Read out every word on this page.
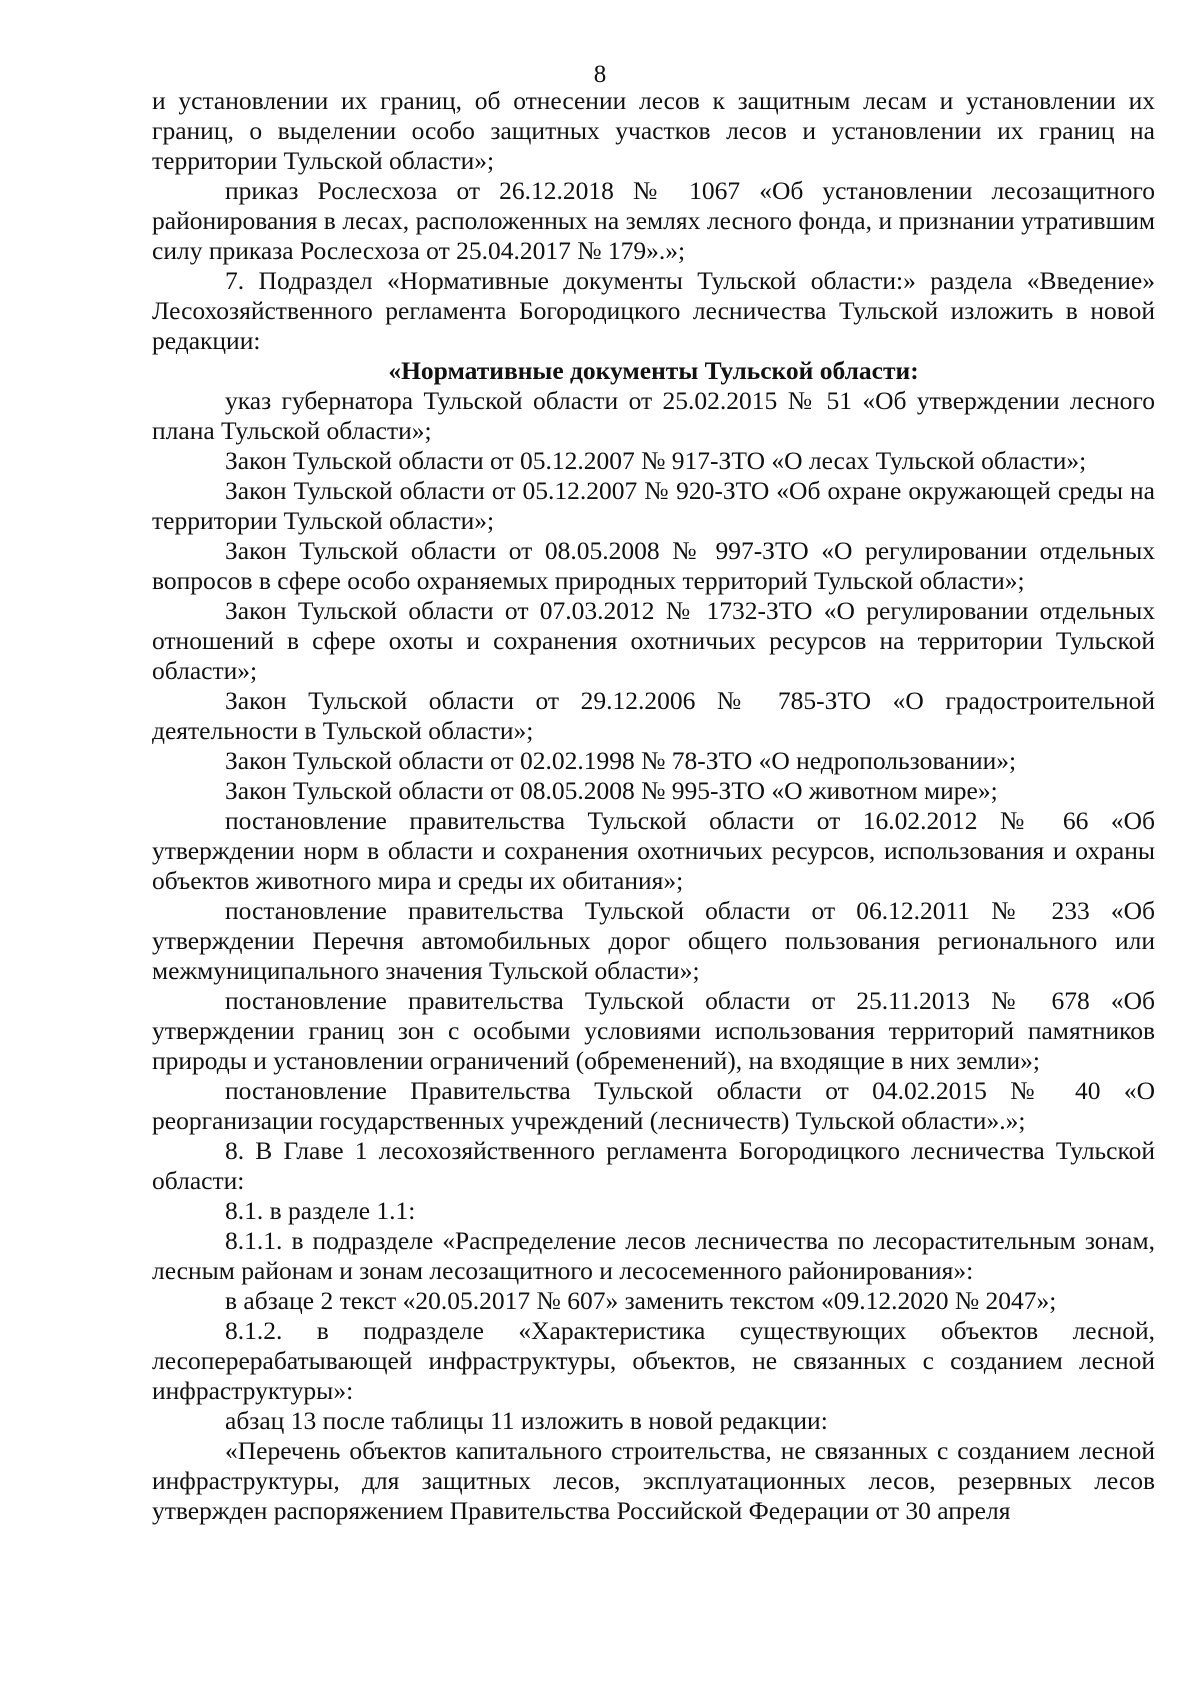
8

и установлении их границ, об отнесении лесов к защитным лесам и установлении их границ, о выделении особо защитных участков лесов и установлении их границ на территории Тульской области»;

приказ Рослесхоза от 26.12.2018 № 1067 «Об установлении лесозащитного районирования в лесах, расположенных на землях лесного фонда, и признании утратившим силу приказа Рослесхоза от 25.04.2017 № 179».»;

7. Подраздел «Нормативные документы Тульской области:» раздела «Введение» Лесохозяйственного регламента Богородицкого лесничества Тульской изложить в новой редакции:

«Нормативные документы Тульской области:

указ губернатора Тульской области от 25.02.2015 № 51 «Об утверждении лесного плана Тульской области»;

Закон Тульской области от 05.12.2007 № 917-ЗТО «О лесах Тульской области»;

Закон Тульской области от 05.12.2007 № 920-ЗТО «Об охране окружающей среды на территории Тульской области»;

Закон Тульской области от 08.05.2008 № 997-ЗТО «О регулировании отдельных вопросов в сфере особо охраняемых природных территорий Тульской области»;

Закон Тульской области от 07.03.2012 № 1732-ЗТО «О регулировании отдельных отношений в сфере охоты и сохранения охотничьих ресурсов на территории Тульской области»;

Закон Тульской области от 29.12.2006 № 785-ЗТО «О градостроительной деятельности в Тульской области»;

Закон Тульской области от 02.02.1998 № 78-ЗТО «О недропользовании»;

Закон Тульской области от 08.05.2008 № 995-ЗТО «О животном мире»;

постановление правительства Тульской области от 16.02.2012 № 66 «Об утверждении норм в области и сохранения охотничьих ресурсов, использования и охраны объектов животного мира и среды их обитания»;

постановление правительства Тульской области от 06.12.2011 № 233 «Об утверждении Перечня автомобильных дорог общего пользования регионального или межмуниципального значения Тульской области»;

постановление правительства Тульской области от 25.11.2013 № 678 «Об утверждении границ зон с особыми условиями использования территорий памятников природы и установлении ограничений (обременений), на входящие в них земли»;

постановление Правительства Тульской области от 04.02.2015 № 40 «О реорганизации государственных учреждений (лесничеств) Тульской области».»;

8. В Главе 1 лесохозяйственного регламента Богородицкого лесничества Тульской области:

8.1. в разделе 1.1:

8.1.1. в подразделе «Распределение лесов лесничества по лесорастительным зонам, лесным районам и зонам лесозащитного и лесосеменного районирования»:

в абзаце 2 текст «20.05.2017 № 607» заменить текстом «09.12.2020 № 2047»;

8.1.2. в подразделе «Характеристика существующих объектов лесной, лесоперерабатывающей инфраструктуры, объектов, не связанных с созданием лесной инфраструктуры»:

абзац 13 после таблицы 11 изложить в новой редакции:

«Перечень объектов капитального строительства, не связанных с созданием лесной инфраструктуры, для защитных лесов, эксплуатационных лесов, резервных лесов утвержден распоряжением Правительства Российской Федерации от 30 апреля
